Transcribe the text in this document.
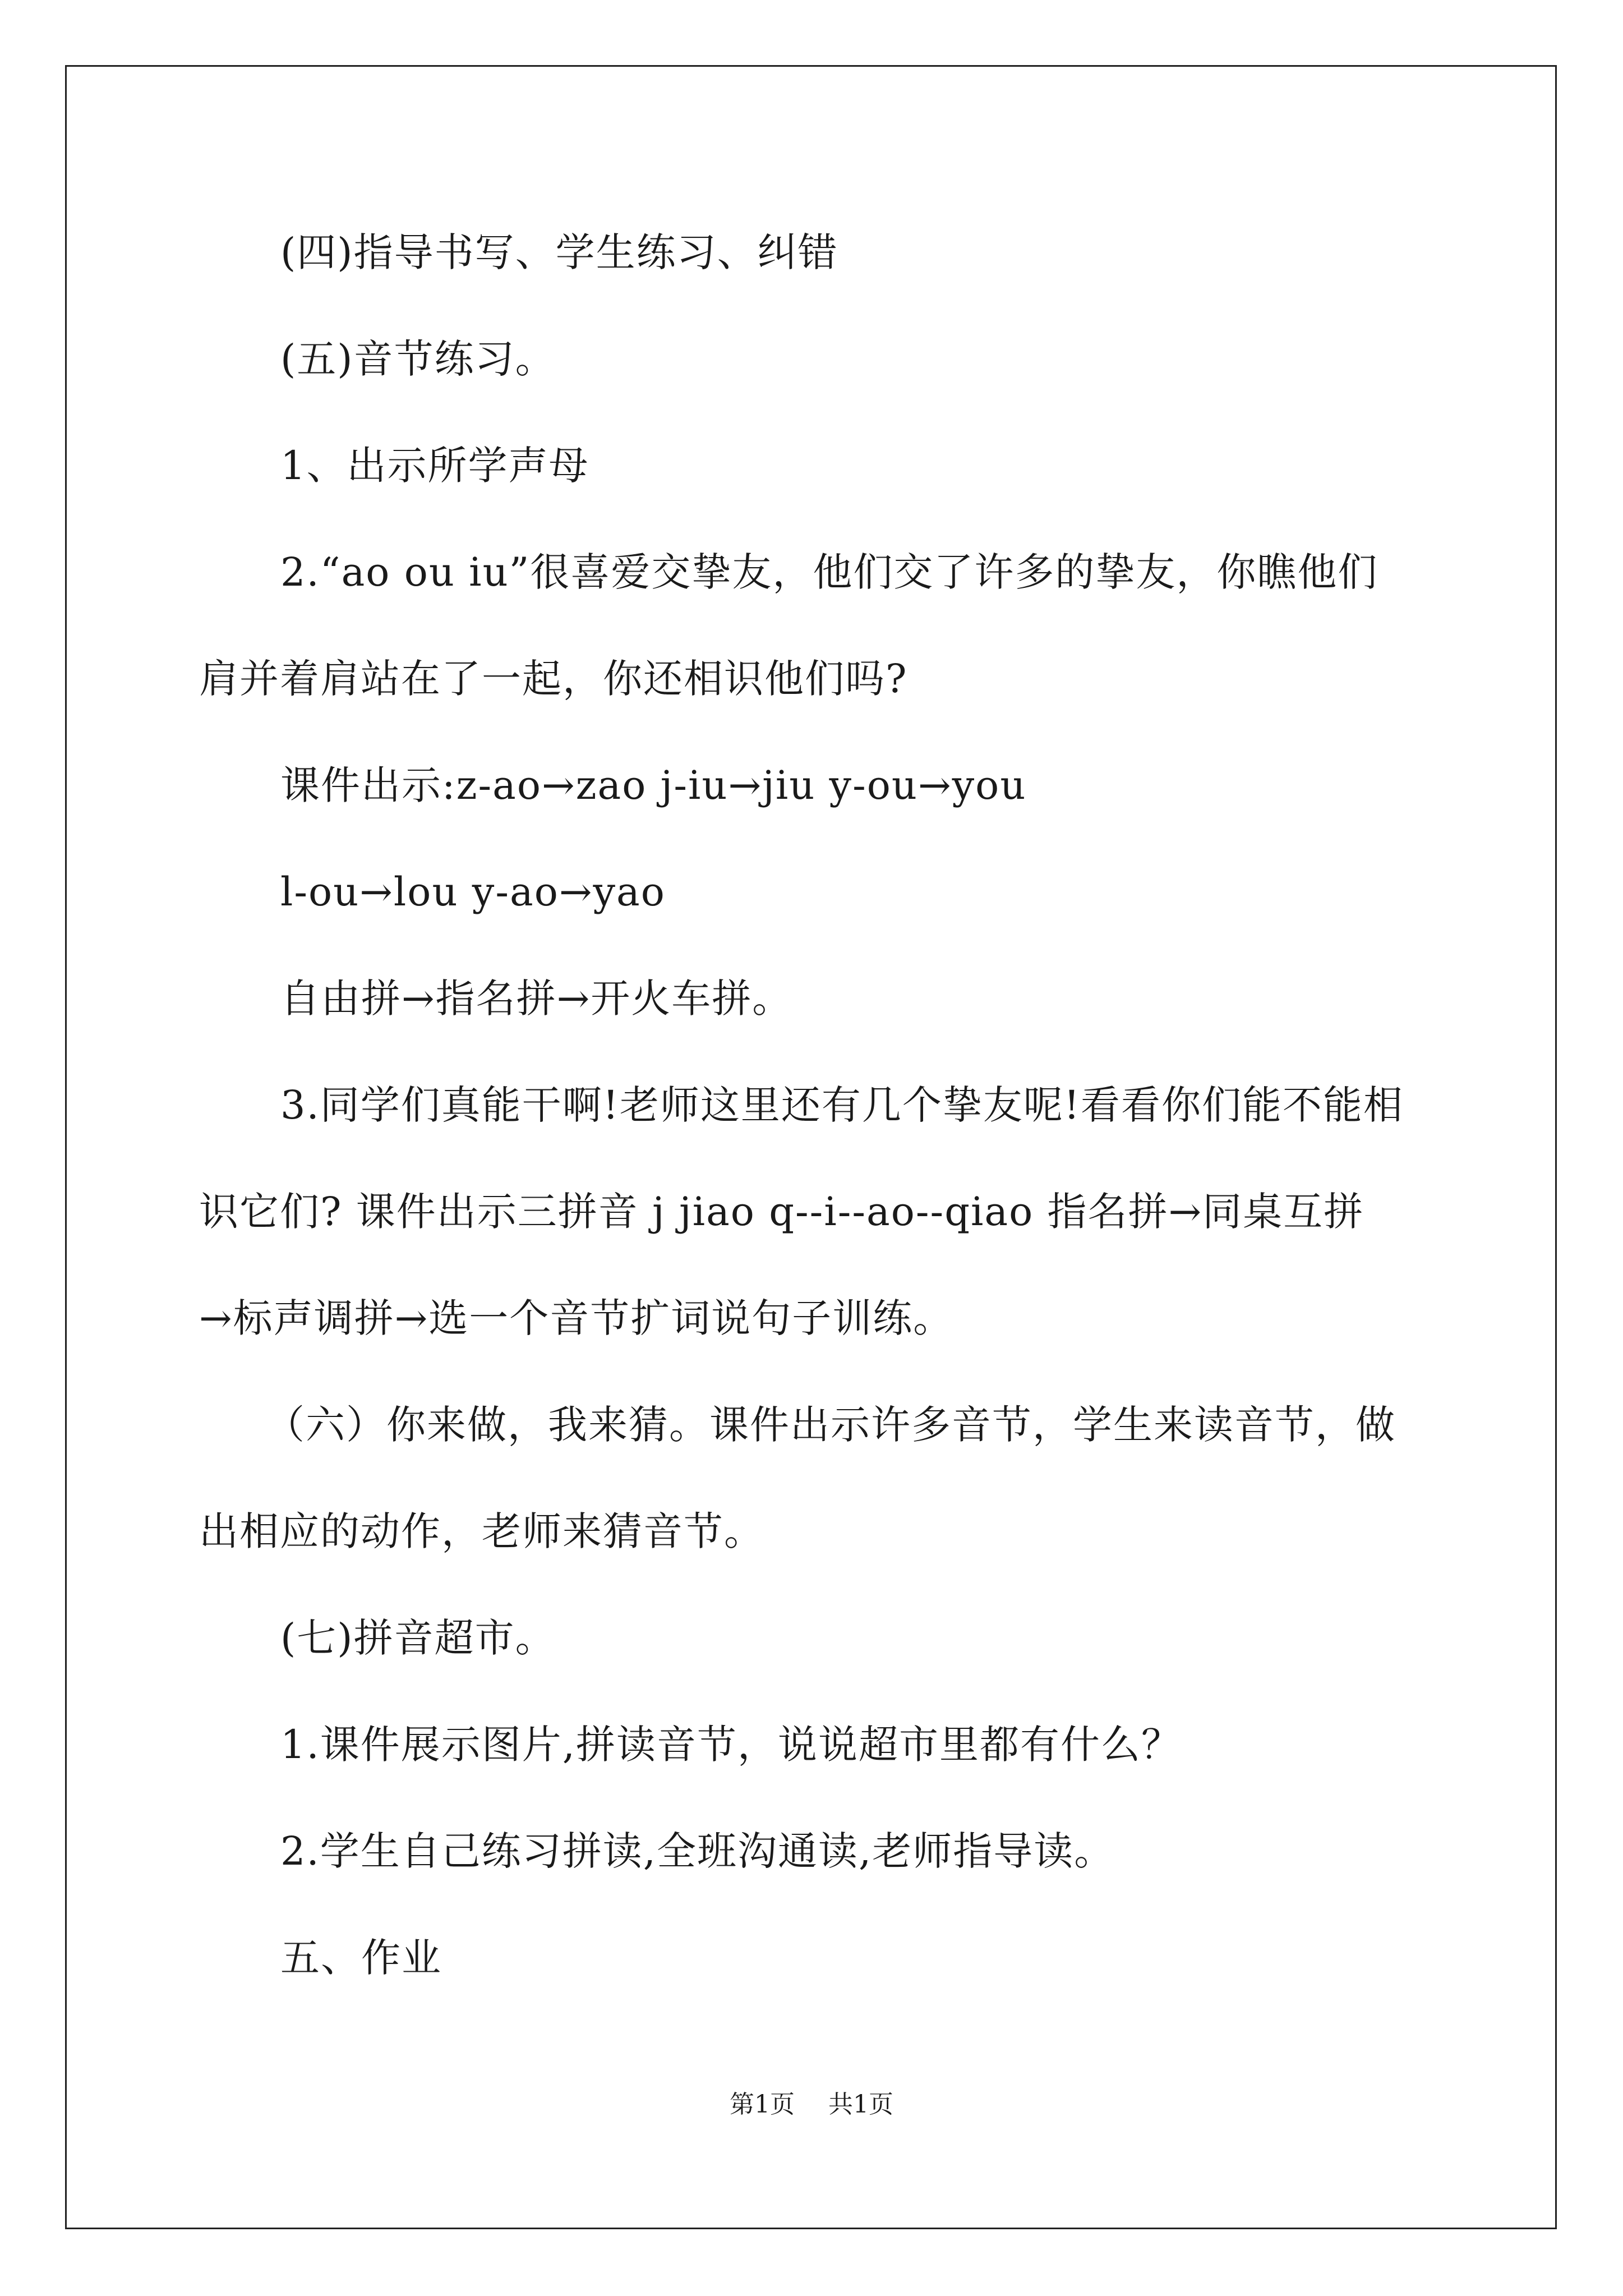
(四)指导书写、学生练习、纠错
(五)音节练习。
1、出示所学声母
2.“ao ou iu”很喜爱交挚友，他们交了许多的挚友，你瞧他们
肩并着肩站在了一起，你还相识他们吗?
课件出示:z-ao→zao j-iu→jiu y-ou→you
l-ou→lou y-ao→yao
自由拼→指名拼→开火车拼。
3.同学们真能干啊!老师这里还有几个挚友呢!看看你们能不能相
识它们? 课件出示三拼音 j jiao q--i--ao--qiao 指名拼→同桌互拼
→标声调拼→选一个音节扩词说句子训练。
（六）你来做，我来猜。课件出示许多音节，学生来读音节，做
出相应的动作，老师来猜音节。
(七)拼音超市。
1.课件展示图片,拼读音节，说说超市里都有什么？
2.学生自己练习拼读,全班沟通读,老师指导读。
五、作业
第1页 共1页
